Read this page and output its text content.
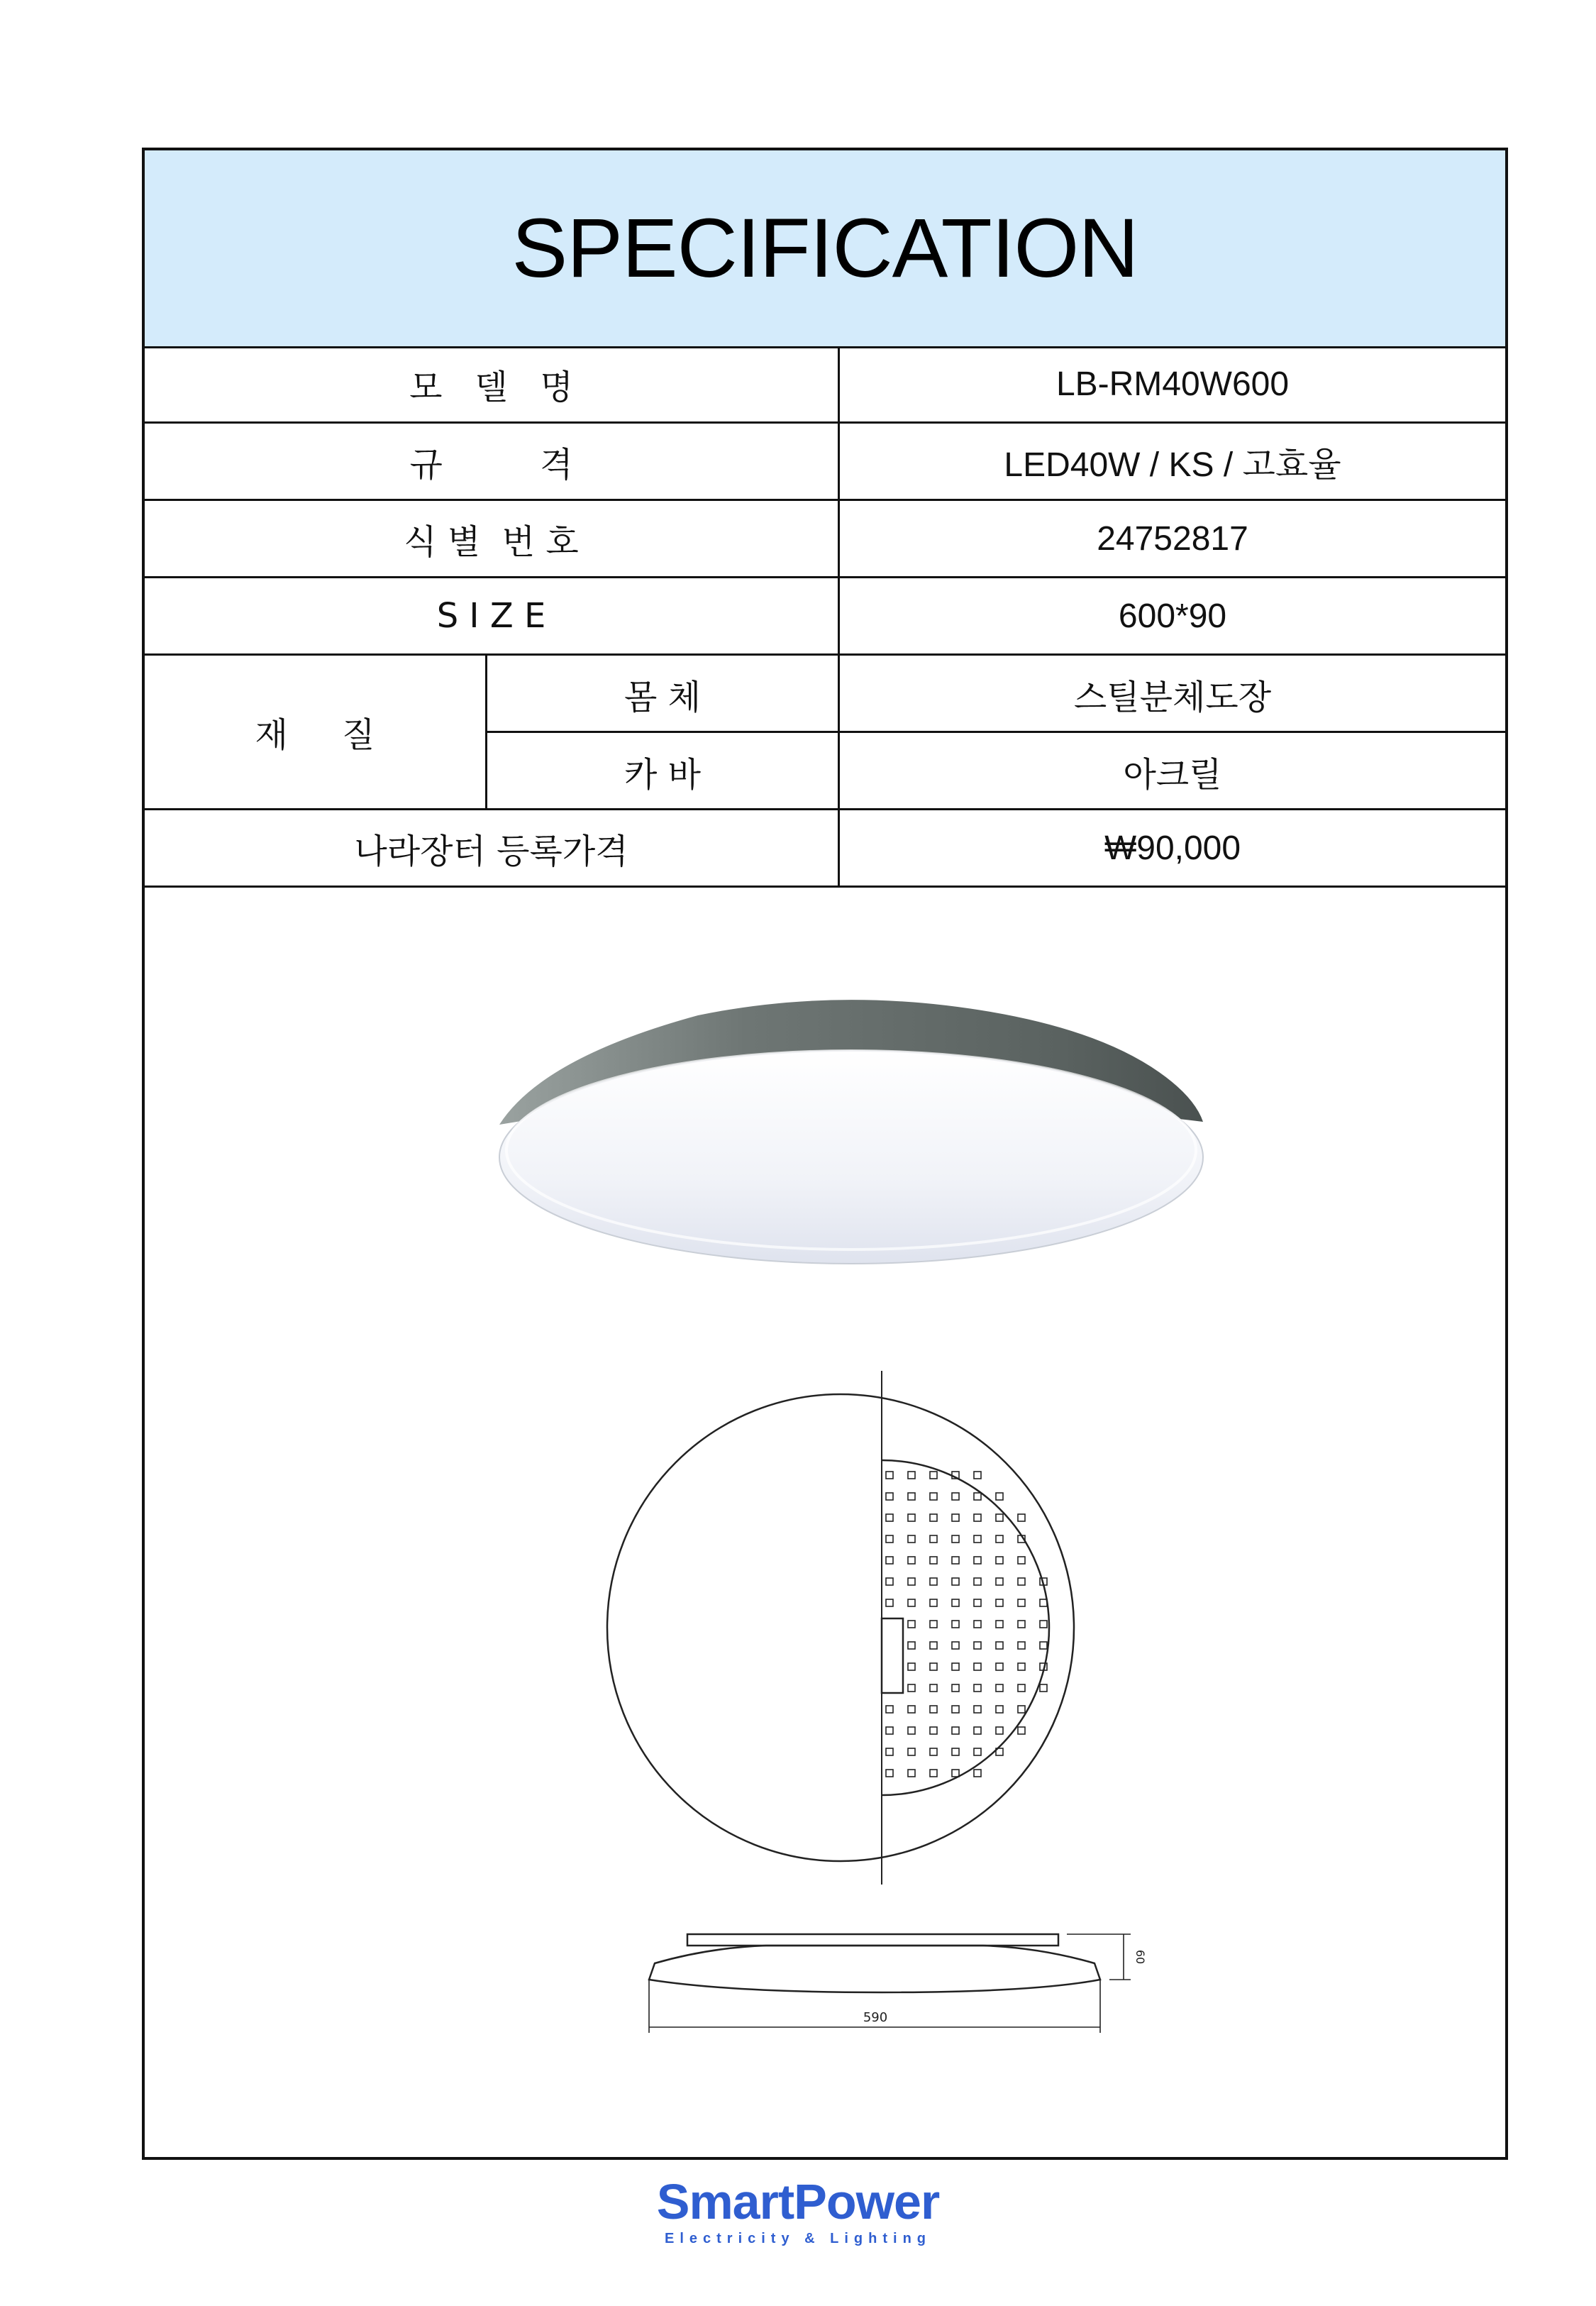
SPECIFICATION
모   델   명	LB-RM40W600
규         격	LED40W / KS / 고효율
식 별  번 호	24752817
S I Z E	600*90
재     질
몸 체	스틸분체도장
카 바	아크릴
나라장터 등록가격	₩90,000
590
60
SmartPower
Electricity & Lighting
